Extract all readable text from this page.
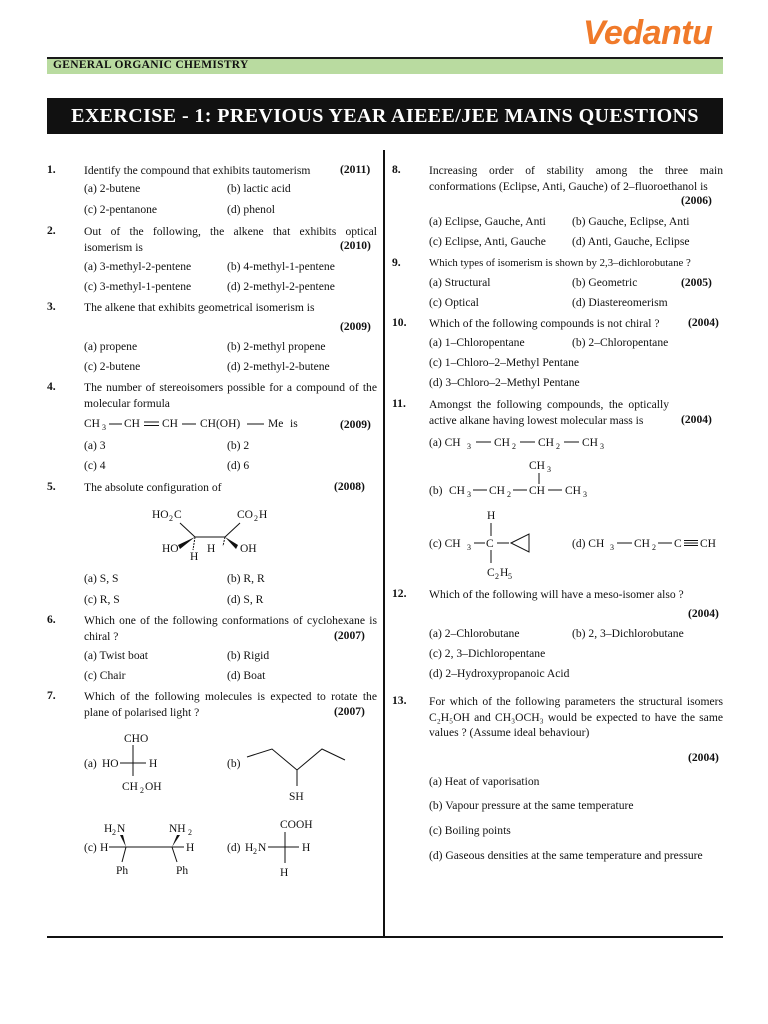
Vedantu
GENERAL ORGANIC CHEMISTRY
EXERCISE - 1: PREVIOUS YEAR AIEEE/JEE MAINS QUESTIONS
1. Identify the compound that exhibits tautomerism	(2011)
(a) 2-butene	(b) lactic acid
(c) 2-pentanone	(d) phenol
2. Out of the following, the alkene that exhibits optical isomerism is	(2010)
(a) 3-methyl-2-pentene	(b) 4-methyl-1-pentene
(c) 3-methyl-1-pentene	(d) 2-methyl-2-pentene
3. The alkene that exhibits geometrical isomerism is
(2009)
(a) propene	(b) 2-methyl propene
(c) 2-butene	(d) 2-methyl-2-butene
4. The number of stereoisomers possible for a compound of the molecular formula
CH 3 CH CH CH(OH) Me is	(2009)
(a) 3	(b) 2
(c) 4	(d) 6
5. The absolute configuration of	(2008)
HO 2 C	CO 2 H
HO
H
H OH
(a) S, S	(b) R, R
(c) R, S	(d) S, R
6. Which one of the following conformations of cyclohexane is chiral ?	(2007)
(a) Twist boat	(b) Rigid
(c) Chair	(d) Boat
7. Which of the following molecules is expected to rotate the plane of polarised light ?	(2007)
(a)
CHO
HO	H
CH 2 OH
(b)
SH
(c)
H 2 N	NH 2
H	H
Ph	Ph
(d)
COOH
H 2 N	H
H
8. Increasing order of stability among the three main conformations (Eclipse, Anti, Gauche) of 2–fluoroethanol is
(2006)
(a) Eclipse, Gauche, Anti (b) Gauche, Eclipse, Anti
(c) Eclipse, Anti, Gauche (d) Anti, Gauche, Eclipse
9.	Which types of isomerism is shown by 2,3–dichlorobutane ?
(a) Structural	(b) Geometric	(2005)
(c) Optical	(d) Diastereomerism
10. Which of the following compounds is not chiral ?	(2004)
(a) 1–Chloropentane	(b) 2–Chloropentane
(c) 1–Chloro–2–Methyl Pentane
(d) 3–Chloro–2–Methyl Pentane
11. Amongst the following compounds, the optically active alkane having lowest molecular mass is	(2004)
(a) CH 3 CH 2 CH 2 CH 3
(b)
CH 3
CH 3 CH 2 CH CH 3
(c) CH 3
H
C
C 2 H 5
(d) CH 3 CH 2 C CH
12. Which of the following will have a meso-isomer also ?
(2004)
(a) 2–Chlorobutane	(b) 2, 3–Dichlorobutane
(c) 2, 3–Dichloropentane
(d) 2–Hydroxypropanoic Acid
13. For which of the following parameters the structural isomers C₂H₅OH and CH₃OCH₃ would be expected to have the same values ? (Assume ideal behaviour)
(2004)
(a) Heat of vaporisation
(b) Vapour pressure at the same temperature
(c) Boiling points
(d) Gaseous densities at the same temperature and pressure
